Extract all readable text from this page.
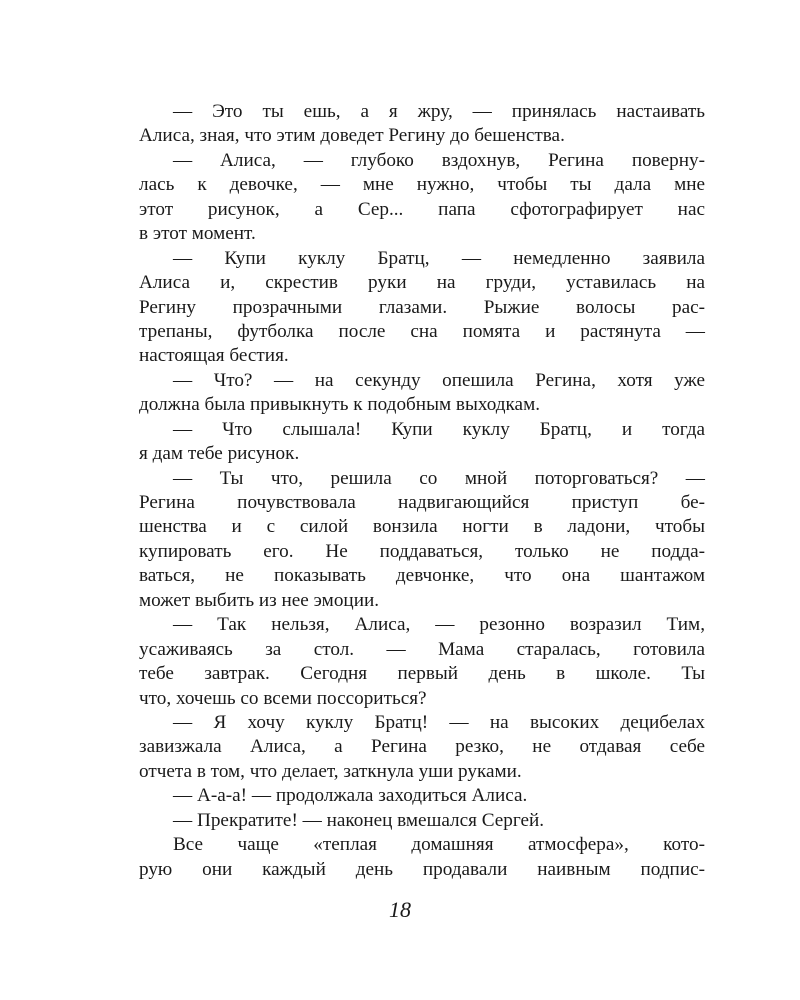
— Это ты ешь, а я жру, — принялась настаивать
Алиса, зная, что этим доведет Регину до бешенства.
— Алиса, — глубоко вздохнув, Регина поверну-
лась к девочке, — мне нужно, чтобы ты дала мне
этот рисунок, а Сер... папа сфотографирует нас
в этот момент.
— Купи куклу Братц, — немедленно заявила
Алиса и, скрестив руки на груди, уставилась на
Регину прозрачными глазами. Рыжие волосы рас-
трепаны, футболка после сна помята и растянута —
настоящая бестия.
— Что? — на секунду опешила Регина, хотя уже
должна была привыкнуть к подобным выходкам.
— Что слышала! Купи куклу Братц, и тогда
я дам тебе рисунок.
— Ты что, решила со мной поторговаться? —
Регина почувствовала надвигающийся приступ бе-
шенства и с силой вонзила ногти в ладони, чтобы
купировать его. Не поддаваться, только не подда-
ваться, не показывать девчонке, что она шантажом
может выбить из нее эмоции.
— Так нельзя, Алиса, — резонно возразил Тим,
усаживаясь за стол. — Мама старалась, готовила
тебе завтрак. Сегодня первый день в школе. Ты
что, хочешь со всеми поссориться?
— Я хочу куклу Братц! — на высоких децибелах
завизжала Алиса, а Регина резко, не отдавая себе
отчета в том, что делает, заткнула уши руками.
— А-а-а! — продолжала заходиться Алиса.
— Прекратите! — наконец вмешался Сергей.
Все чаще «теплая домашняя атмосфера», кото-
рую они каждый день продавали наивным подпис-
18
